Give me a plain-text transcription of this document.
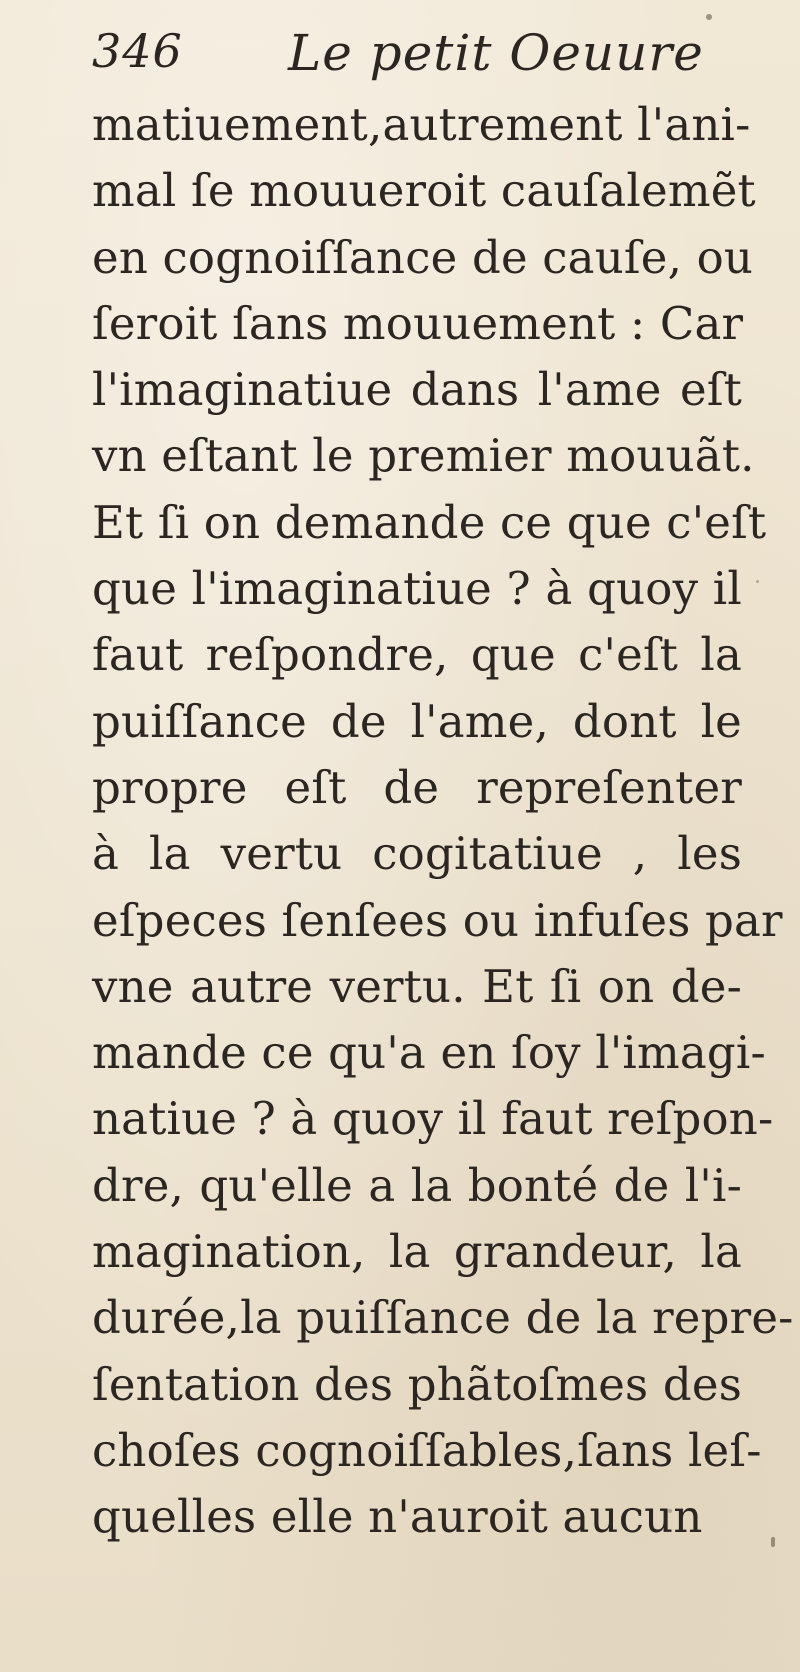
346 Le petit Oeuure
matiuement,autrement l'ani-
mal ſe mouueroit cauſalemẽt
en cognoiſſance de cauſe, ou
ſeroit ſans mouuement : Car
l'imaginatiue dans l'ame eſt
vn eſtant le premier mouuãt.
Et ſi on demande ce que c'eſt
que l'imaginatiue ? à quoy il
faut reſpondre, que c'eſt la
puiſſance de l'ame, dont le
propre eſt de repreſenter
à la vertu cogitatiue , les
eſpeces ſenſees ou infuſes par
vne autre vertu. Et ſi on de-
mande ce qu'a en ſoy l'imagi-
natiue ? à quoy il faut reſpon-
dre, qu'elle a la bonté de l'i-
magination, la grandeur, la
durée,la puiſſance de la repre-
ſentation des phãtoſmes des
choſes cognoiſſables,ſans leſ-
quelles elle n'auroit aucun
